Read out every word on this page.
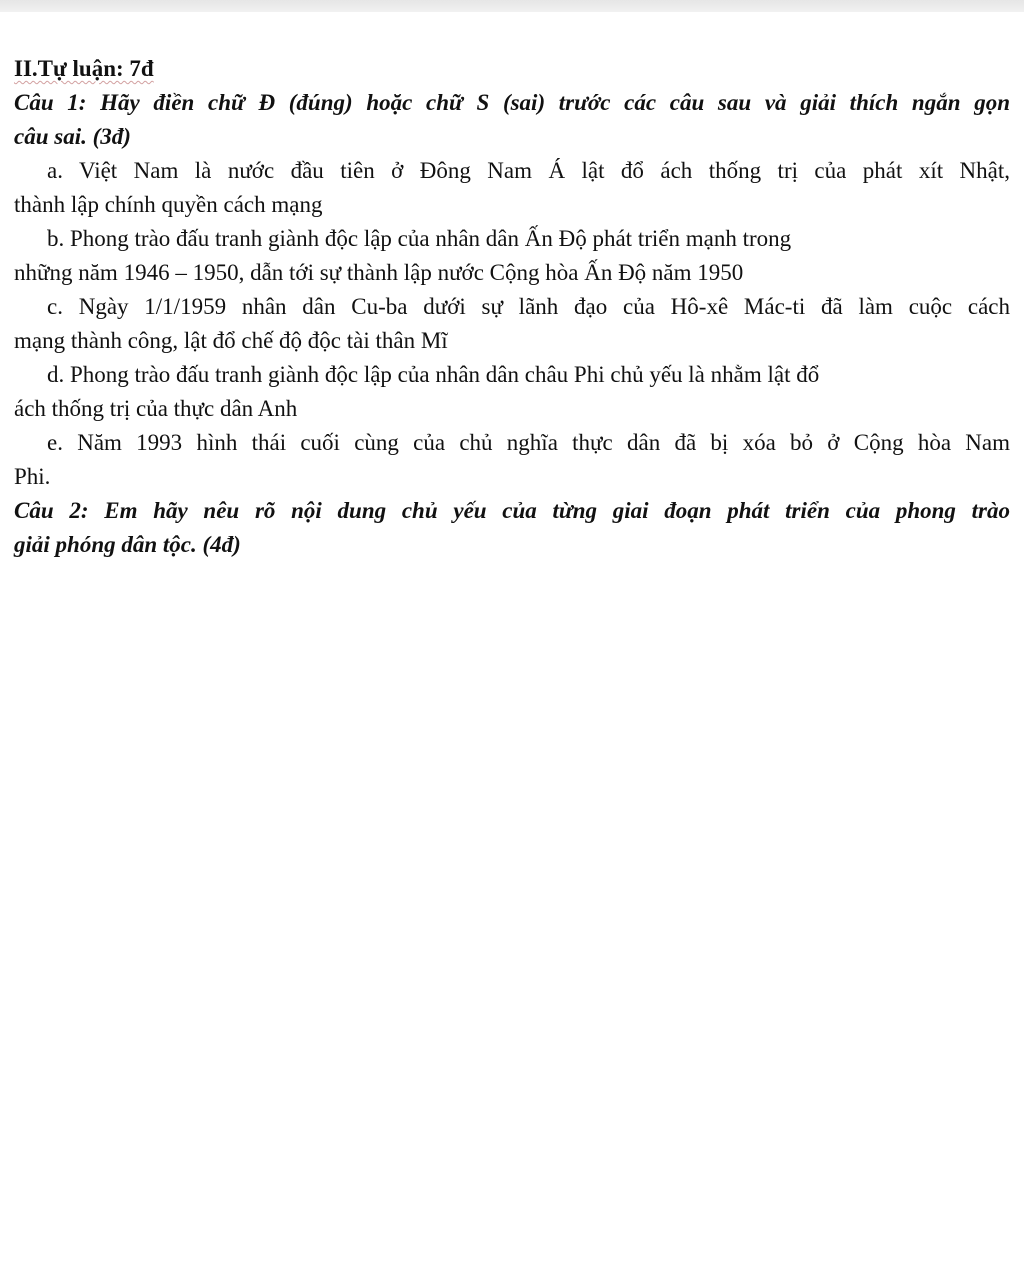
II.Tự luận: 7đ
Câu 1: Hãy điền chữ Đ (đúng) hoặc chữ S (sai) trước các câu sau và giải thích ngắn gọn
câu sai. (3đ)
a. Việt Nam là nước đầu tiên ở Đông Nam Á lật đổ ách thống trị của phát xít Nhật,
thành lập chính quyền cách mạng
b. Phong trào đấu tranh giành độc lập của nhân dân Ấn Độ phát triển mạnh trong
những năm 1946 – 1950, dẫn tới sự thành lập nước Cộng hòa Ấn Độ năm 1950
c. Ngày 1/1/1959 nhân dân Cu-ba dưới sự lãnh đạo của Hô-xê Mác-ti đã làm cuộc cách
mạng thành công, lật đổ chế độ độc tài thân Mĩ
d. Phong trào đấu tranh giành độc lập của nhân dân châu Phi chủ yếu là nhằm lật đổ
ách thống trị của thực dân Anh
e. Năm 1993 hình thái cuối cùng của chủ nghĩa thực dân đã bị xóa bỏ ở Cộng hòa Nam
Phi.
Câu 2: Em hãy nêu rõ nội dung chủ yếu của từng giai đoạn phát triển của phong trào
giải phóng dân tộc. (4đ)
